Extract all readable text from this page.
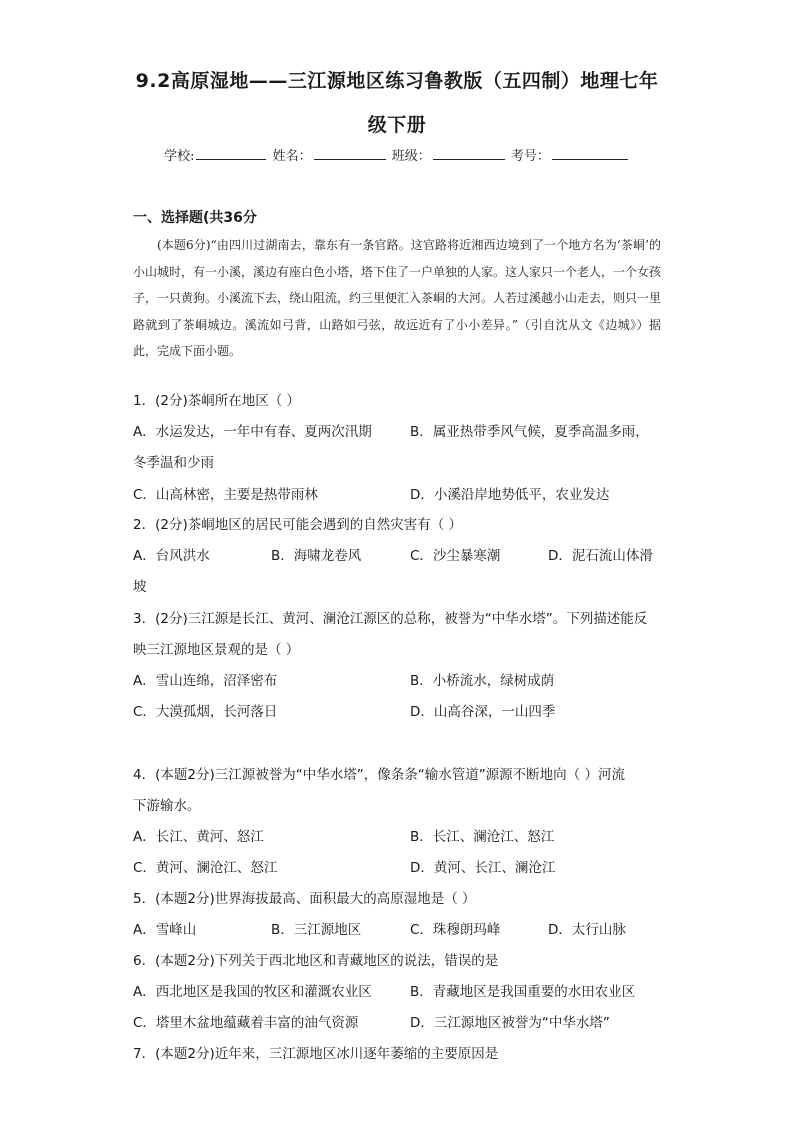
9.2高原湿地——三江源地区练习鲁教版（五四制）地理七年
级下册
学校:	姓名：	班级：	考号：
一、选择题(共36分

(本题6分)“由四川过湖南去，靠东有一条官路。这官路将近湘西边境到了一个地方名为‘茶峒’的小山城时，有一小溪，溪边有座白色小塔，塔下住了一户单独的人家。这人家只一个老人，一个女孩子，一只黄狗。小溪流下去，绕山阻流，约三里便汇入茶峒的大河。人若过溪越小山走去，则只一里路就到了茶峒城边。溪流如弓背，山路如弓弦，故远近有了小小差异。”（引自沈从文《边城》）据此，完成下面小题。

1．(2分)茶峒所在地区（ ）
A．水运发达，一年中有春、夏两次汛期	B．属亚热带季风气候，夏季高温多雨，
冬季温和少雨
C．山高林密，主要是热带雨林	D．小溪沿岸地势低平，农业发达
2．(2分)茶峒地区的居民可能会遇到的自然灾害有（ ）
A．台风洪水	B．海啸龙卷风	C．沙尘暴寒潮	D．泥石流山体滑
坡
3．(2分)三江源是长江、黄河、澜沧江源区的总称，被誉为“中华水塔”。下列描述能反
映三江源地区景观的是（ ）
A．雪山连绵，沼泽密布	B．小桥流水，绿树成荫
C．大漠孤烟，长河落日	D．山高谷深，一山四季
4．(本题2分)三江源被誉为“中华水塔”，像条条“输水管道”源源不断地向（ ）河流
下游输水。
A．长江、黄河、怒江	B．长江、澜沧江、怒江
C．黄河、澜沧江、怒江	D．黄河、长江、澜沧江
5．(本题2分)世界海拔最高、面积最大的高原湿地是（ ）
A．雪峰山	B．三江源地区	C．珠穆朗玛峰	D．太行山脉
6．(本题2分)下列关于西北地区和青藏地区的说法，错误的是
A．西北地区是我国的牧区和灌溉农业区	B．青藏地区是我国重要的水田农业区
C．塔里木盆地蕴藏着丰富的油气资源	D．三江源地区被誉为“中华水塔”
7．(本题2分)近年来，三江源地区冰川逐年萎缩的主要原因是
